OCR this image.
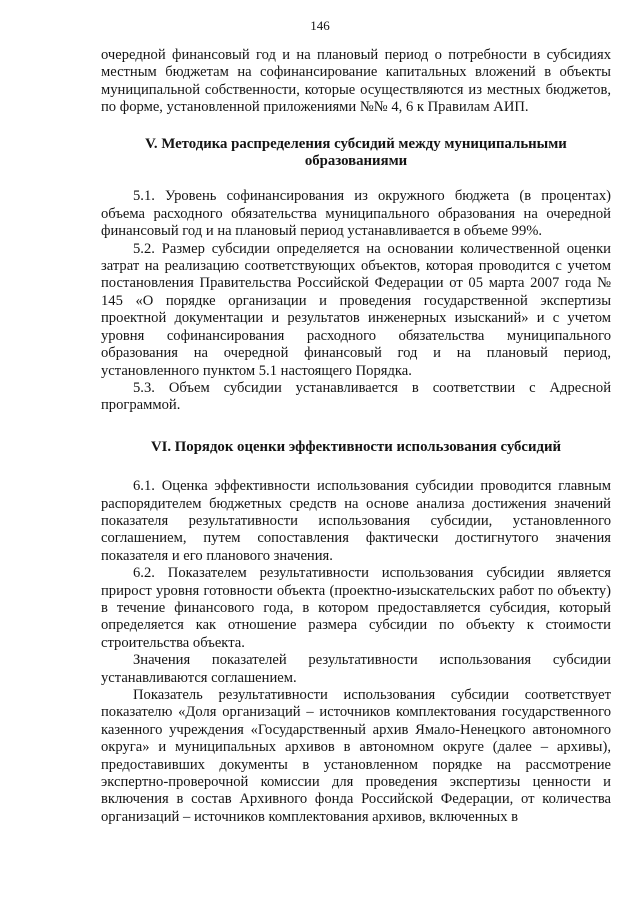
146

очередной финансовый год и на плановый период о потребности в субсидиях местным бюджетам на софинансирование капитальных вложений в объекты муниципальной собственности, которые осуществляются из местных бюджетов, по форме, установленной приложениями №№ 4, 6 к Правилам АИП.

V. Методика распределения субсидий между муниципальными образованиями

5.1. Уровень софинансирования из окружного бюджета (в процентах) объема расходного обязательства муниципального образования на очередной финансовый год и на плановый период устанавливается в объеме 99%.

5.2. Размер субсидии определяется на основании количественной оценки затрат на реализацию соответствующих объектов, которая проводится с учетом постановления Правительства Российской Федерации от 05 марта 2007 года № 145 «О порядке организации и проведения государственной экспертизы проектной документации и результатов инженерных изысканий» и с учетом уровня софинансирования расходного обязательства муниципального образования на очередной финансовый год и на плановый период, установленного пунктом 5.1 настоящего Порядка.

5.3. Объем субсидии устанавливается в соответствии с Адресной программой.

VI. Порядок оценки эффективности использования субсидий

6.1. Оценка эффективности использования субсидии проводится главным распорядителем бюджетных средств на основе анализа достижения значений показателя результативности использования субсидии, установленного соглашением, путем сопоставления фактически достигнутого значения показателя и его планового значения.

6.2. Показателем результативности использования субсидии является прирост уровня готовности объекта (проектно-изыскательских работ по объекту) в течение финансового года, в котором предоставляется субсидия, который определяется как отношение размера субсидии по объекту к стоимости строительства объекта.

Значения показателей результативности использования субсидии устанавливаются соглашением.

Показатель результативности использования субсидии соответствует показателю «Доля организаций – источников комплектования государственного казенного учреждения «Государственный архив Ямало-Ненецкого автономного округа» и муниципальных архивов в автономном округе (далее – архивы), предоставивших документы в установленном порядке на рассмотрение экспертно-проверочной комиссии для проведения экспертизы ценности и включения в состав Архивного фонда Российской Федерации, от количества организаций – источников комплектования архивов, включенных в
